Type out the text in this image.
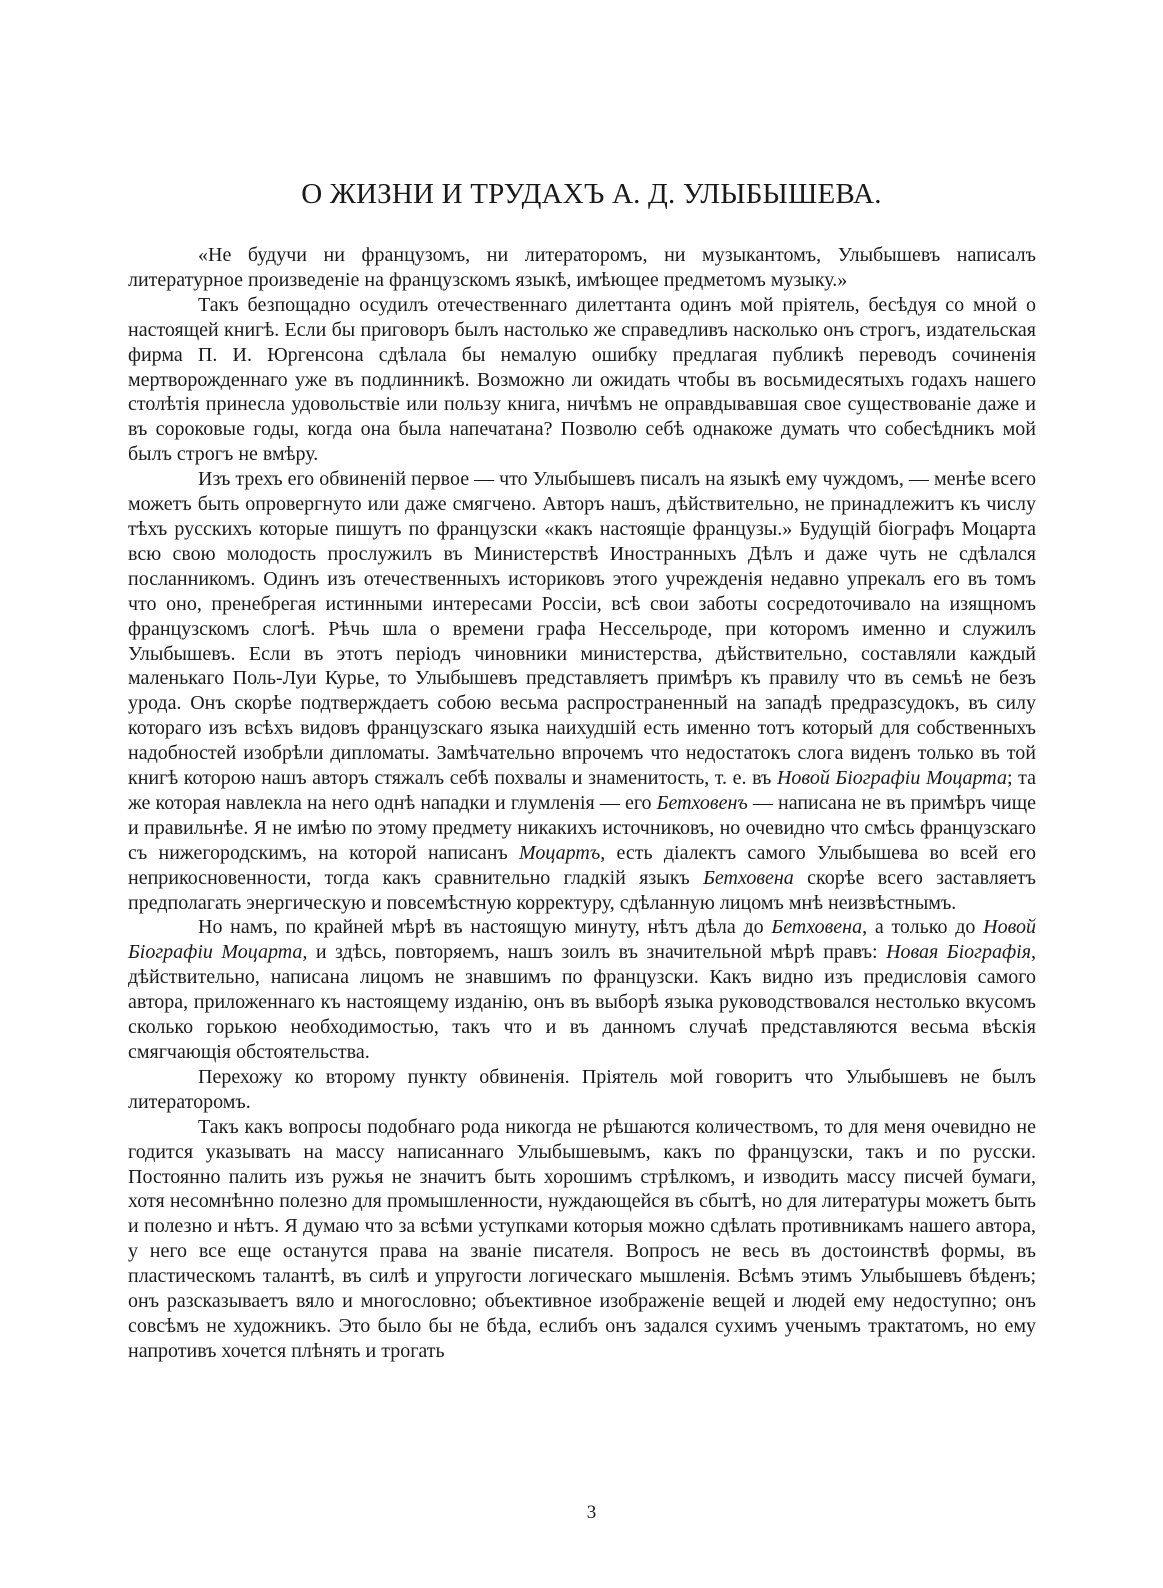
О ЖИЗНИ И ТРУДАХЪ А. Д. УЛЫБЫШЕВА.

«Не будучи ни французомъ, ни литераторомъ, ни музыкантомъ, Улыбышевъ написалъ литературное произведеніе на французскомъ языкѣ, имѣющее предметомъ музыку.»

Такъ безпощадно осудилъ отечественнаго дилеттанта одинъ мой пріятель, бесѣдуя со мной о настоящей книгѣ. Если бы приговоръ былъ настолько же справедливъ насколько онъ строгъ, издательская фирма П. И. Юргенсона сдѣлала бы немалую ошибку предлагая публикѣ переводъ сочиненія мертворожденнаго уже въ подлинникѣ. Возможно ли ожидать чтобы въ восьмидесятыхъ годахъ нашего столѣтія принесла удовольствіе или пользу книга, ничѣмъ не оправдывавшая свое существованіе даже и въ сороковые годы, когда она была напечатана? Позволю себѣ однакоже думать что собесѣдникъ мой былъ строгъ не вмѣру.

Изъ трехъ его обвиненій первое — что Улыбышевъ писалъ на языкѣ ему чуждомъ, — менѣе всего можетъ быть опровергнуто или даже смягчено. Авторъ нашъ, дѣйствительно, не принадлежитъ къ числу тѣхъ русскихъ которые пишутъ по французски «какъ настоящіе французы.» Будущій біографъ Моцарта всю свою молодость прослужилъ въ Министерствѣ Иностранныхъ Дѣлъ и даже чуть не сдѣлался посланникомъ. Одинъ изъ отечественныхъ историковъ этого учрежденія недавно упрекалъ его въ томъ что оно, пренебрегая истинными интересами Россіи, всѣ свои заботы сосредоточивало на изящномъ французскомъ слогѣ. Рѣчь шла о времени графа Нессельроде, при которомъ именно и служилъ Улыбышевъ. Если въ этотъ періодъ чиновники министерства, дѣйствительно, составляли каждый маленькаго Поль-Луи Курье, то Улыбышевъ представляетъ примѣръ къ правилу что въ семьѣ не безъ урода. Онъ скорѣе подтверждаетъ собою весьма распространенный на западѣ предразсудокъ, въ силу котораго изъ всѣхъ видовъ французскаго языка наихудшій есть именно тотъ который для собственныхъ надобностей изобрѣли дипломаты. Замѣчательно впрочемъ что недостатокъ слога виденъ только въ той книгѣ которою нашъ авторъ стяжалъ себѣ похвалы и знаменитость, т. е. въ Новой Біографіи Моцарта; та же которая навлекла на него однѣ нападки и глумленія — его Бетховенъ — написана не въ примѣръ чище и правильнѣе. Я не имѣю по этому предмету никакихъ источниковъ, но очевидно что смѣсь французскаго съ нижегородскимъ, на которой написанъ Моцартъ, есть діалектъ самого Улыбышева во всей его неприкосновенности, тогда какъ сравнительно гладкій языкъ Бетховена скорѣе всего заставляетъ предполагать энергическую и повсемѣстную корректуру, сдѣланную лицомъ мнѣ неизвѣстнымъ.

Но намъ, по крайней мѣрѣ въ настоящую минуту, нѣтъ дѣла до Бетховена, а только до Новой Біографіи Моцарта, и здѣсь, повторяемъ, нашъ зоилъ въ значительной мѣрѣ правъ: Новая Біографія, дѣйствительно, написана лицомъ не знавшимъ по французски. Какъ видно изъ предисловія самого автора, приложеннаго къ настоящему изданію, онъ въ выборѣ языка руководствовался нестолько вкусомъ сколько горькою необходимостью, такъ что и въ данномъ случаѣ представляются весьма вѣскія смягчающія обстоятельства.

Перехожу ко второму пункту обвиненія. Пріятель мой говоритъ что Улыбышевъ не былъ литераторомъ.

Такъ какъ вопросы подобнаго рода никогда не рѣшаются количествомъ, то для меня очевидно не годится указывать на массу написаннаго Улыбышевымъ, какъ по французски, такъ и по русски. Постоянно палить изъ ружья не значитъ быть хорошимъ стрѣлкомъ, и изводить массу писчей бумаги, хотя несомнѣнно полезно для промышленности, нуждающейся въ сбытѣ, но для литературы можетъ быть и полезно и нѣтъ. Я думаю что за всѣми уступками которыя можно сдѣлать противникамъ нашего автора, у него все еще останутся права на званіе писателя. Вопросъ не весь въ достоинствѣ формы, въ пластическомъ талантѣ, въ силѣ и упругости логическаго мышленія. Всѣмъ этимъ Улыбышевъ бѣденъ; онъ разсказываетъ вяло и многословно; объективное изображеніе вещей и людей ему недоступно; онъ совсѣмъ не художникъ. Это было бы не бѣда, еслибъ онъ задался сухимъ ученымъ трактатомъ, но ему напротивъ хочется плѣнять и трогать

3
